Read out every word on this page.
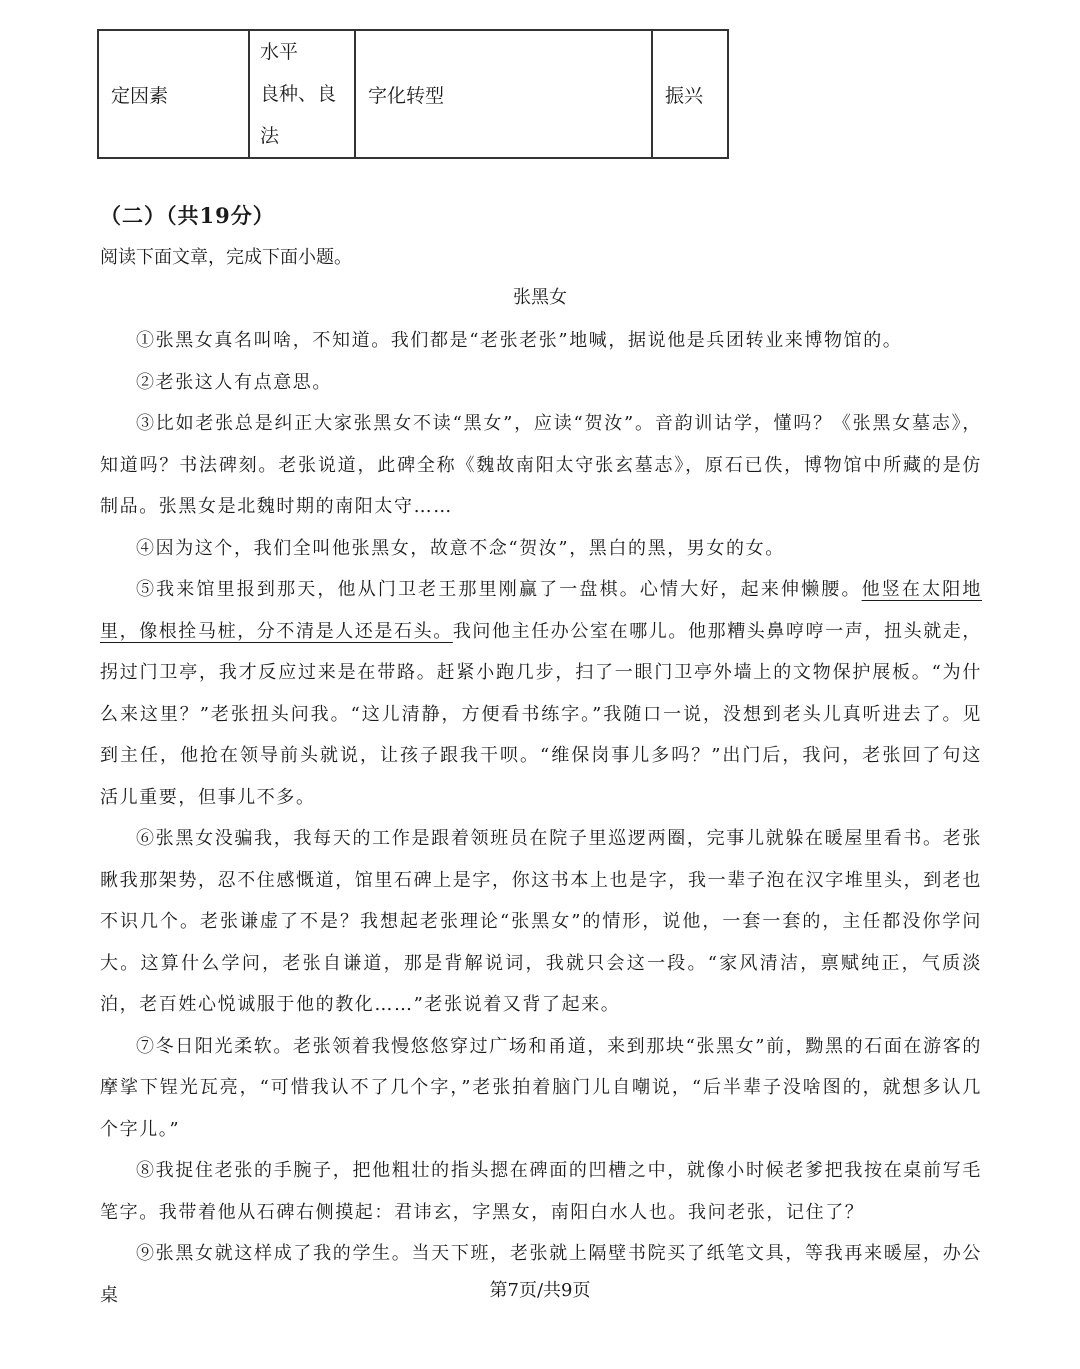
定因素
水平
良种、良
法
字化转型	振兴
（二）（共19分）
阅读下面文章，完成下面小题。
张黑女

①张黑女真名叫啥，不知道。我们都是“老张老张”地喊，据说他是兵团转业来博物馆的。

②老张这人有点意思。

③比如老张总是纠正大家张黑女不读“黑女”，应读“贺汝”。音韵训诂学，懂吗？《张黑女墓志》，知道吗？书法碑刻。老张说道，此碑全称《魏故南阳太守张玄墓志》，原石已佚，博物馆中所藏的是仿制品。张黑女是北魏时期的南阳太守……

④因为这个，我们全叫他张黑女，故意不念“贺汝”，黑白的黑，男女的女。

⑤我来馆里报到那天，他从门卫老王那里刚赢了一盘棋。心情大好，起来伸懒腰。他竖在太阳地里，像根拴马桩，分不清是人还是石头。我问他主任办公室在哪儿。他那糟头鼻哼哼一声，扭头就走，拐过门卫亭，我才反应过来是在带路。赶紧小跑几步，扫了一眼门卫亭外墙上的文物保护展板。“为什么来这里？”老张扭头问我。“这儿清静，方便看书练字。”我随口一说，没想到老头儿真听进去了。见到主任，他抢在领导前头就说，让孩子跟我干呗。“维保岗事儿多吗？”出门后，我问，老张回了句这活儿重要，但事儿不多。

⑥张黑女没骗我，我每天的工作是跟着领班员在院子里巡逻两圈，完事儿就躲在暖屋里看书。老张瞅我那架势，忍不住感慨道，馆里石碑上是字，你这书本上也是字，我一辈子泡在汉字堆里头，到老也不识几个。老张谦虚了不是？我想起老张理论“张黑女”的情形，说他，一套一套的，主任都没你学问大。这算什么学问，老张自谦道，那是背解说词，我就只会这一段。“家风清洁，禀赋纯正，气质淡泊，老百姓心悦诚服于他的教化……”老张说着又背了起来。

⑦冬日阳光柔软。老张领着我慢悠悠穿过广场和甬道，来到那块“张黑女”前，黝黑的石面在游客的摩挲下锃光瓦亮，“可惜我认不了几个字，”老张拍着脑门儿自嘲说，“后半辈子没啥图的，就想多认几个字儿。”

⑧我捉住老张的手腕子，把他粗壮的指头摁在碑面的凹槽之中，就像小时候老爹把我按在桌前写毛笔字。我带着他从石碑右侧摸起：君讳玄，字黑女，南阳白水人也。我问老张，记住了？

⑨张黑女就这样成了我的学生。当天下班，老张就上隔壁书院买了纸笔文具，等我再来暖屋，办公桌	第7页/共9页
